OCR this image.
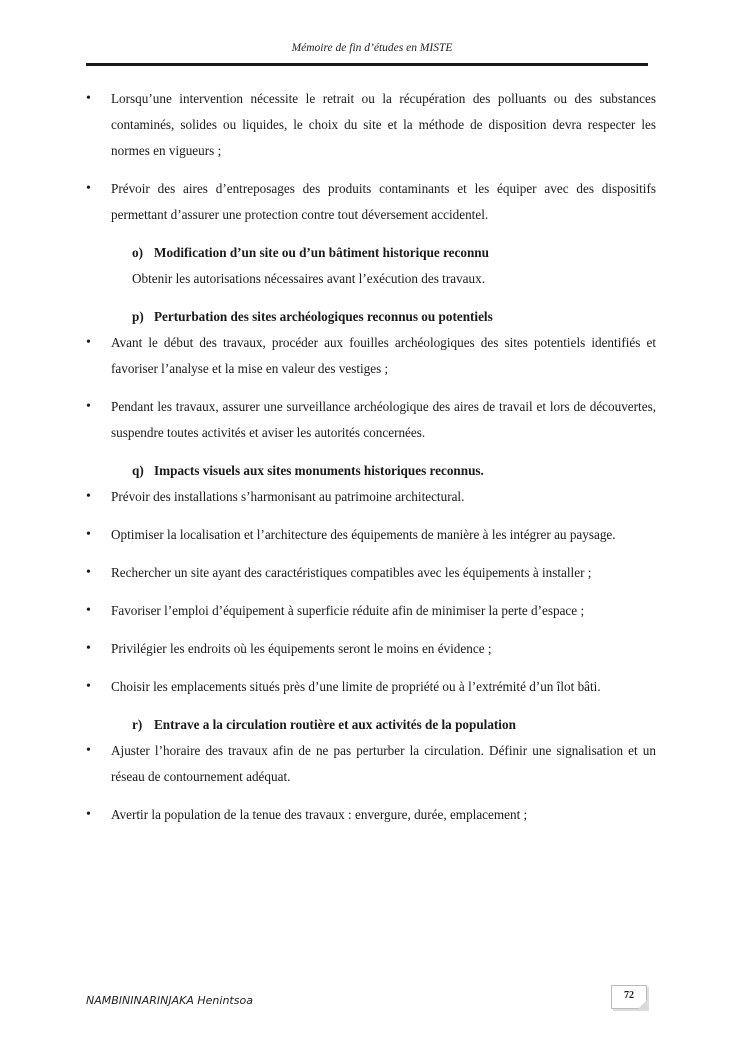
Mémoire de fin d’études en MISTE
• Lorsqu’une intervention nécessite le retrait ou la récupération des polluants ou des substances contaminés, solides ou liquides, le choix du site et la méthode de disposition devra respecter les normes en vigueurs ;
• Prévoir des aires d’entreposages des produits contaminants et les équiper avec des dispositifs permettant d’assurer une protection contre tout déversement accidentel.
o) Modification d’un site ou d’un bâtiment historique reconnu
Obtenir les autorisations nécessaires avant l’exécution des travaux.
p) Perturbation des sites archéologiques reconnus ou potentiels
• Avant le début des travaux, procéder aux fouilles archéologiques des sites potentiels identifiés et favoriser l’analyse et la mise en valeur des vestiges ;
• Pendant les travaux, assurer une surveillance archéologique des aires de travail et lors de découvertes, suspendre toutes activités et aviser les autorités concernées.
q) Impacts visuels aux sites monuments historiques reconnus.
• Prévoir des installations s’harmonisant au patrimoine architectural.
• Optimiser la localisation et l’architecture des équipements de manière à les intégrer au paysage.
• Rechercher un site ayant des caractéristiques compatibles avec les équipements à installer ;
• Favoriser l’emploi d’équipement à superficie réduite afin de minimiser la perte d’espace ;
• Privilégier les endroits où les équipements seront le moins en évidence ;
• Choisir les emplacements situés près d’une limite de propriété ou à l’extrémité d’un îlot bâti.
r) Entrave a la circulation routière et aux activités de la population
• Ajuster l’horaire des travaux afin de ne pas perturber la circulation. Définir une signalisation et un réseau de contournement adéquat.
• Avertir la population de la tenue des travaux : envergure, durée, emplacement ;
72
NAMBININARINJAKA Henintsoa
